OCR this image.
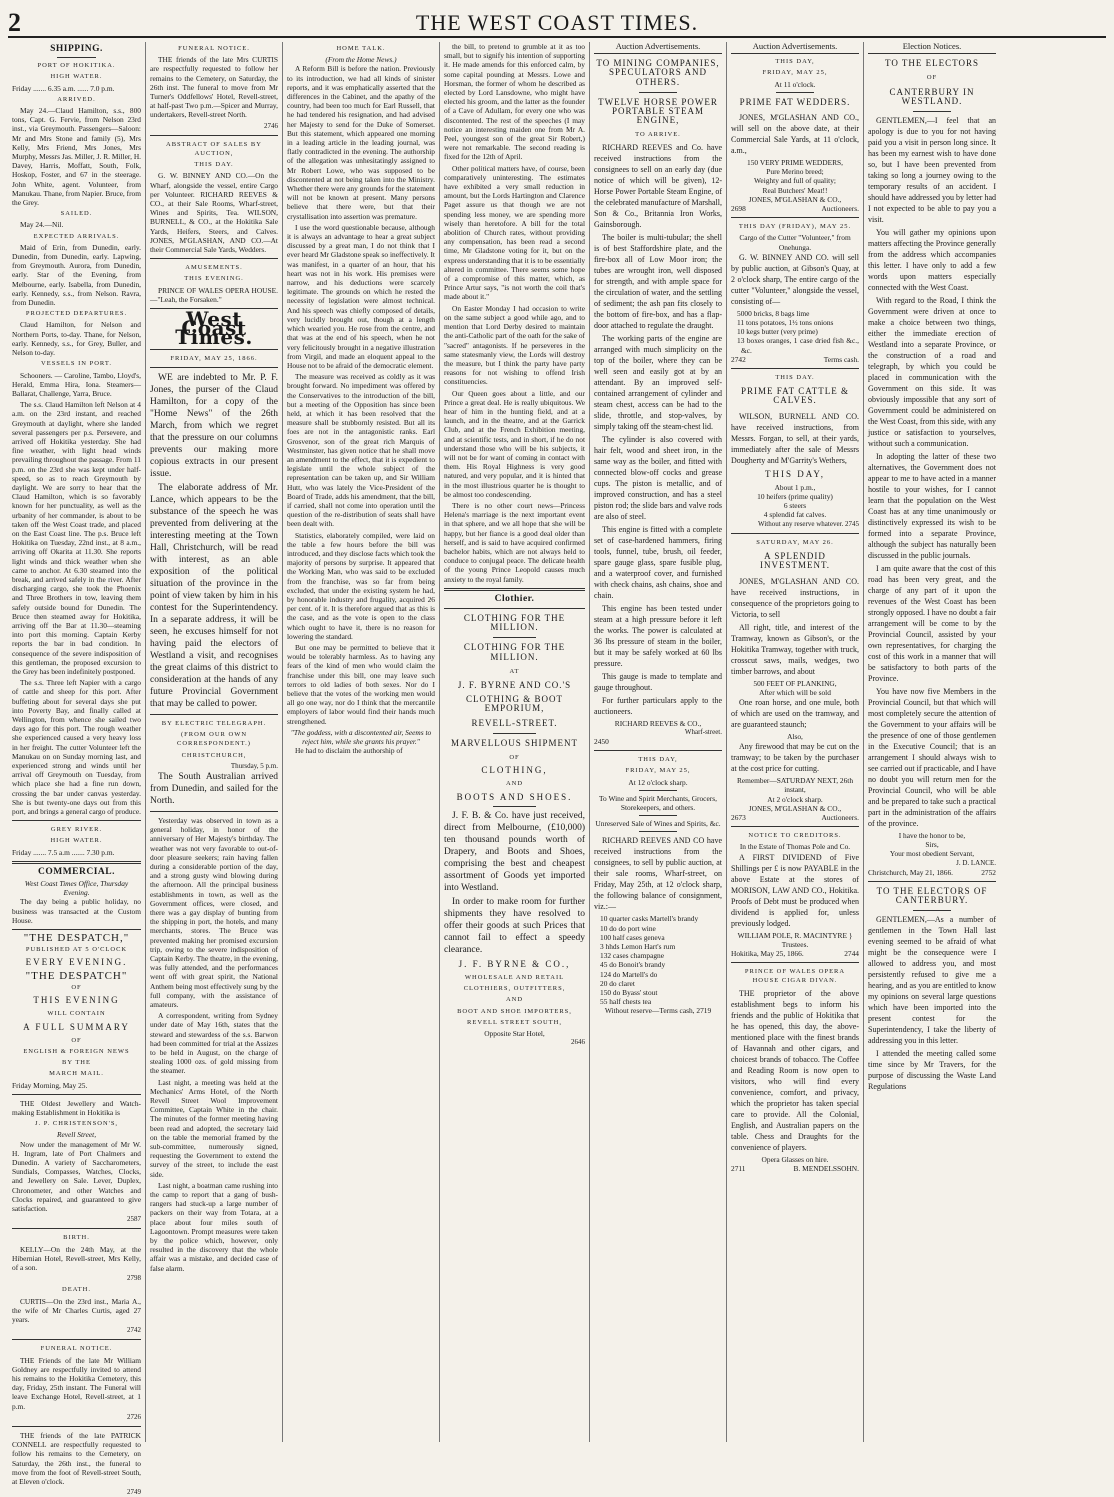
2	THE WEST COAST TIMES.
SHIPPING.
PORT OF HOKITIKA.
HIGH WATER.
Friday ....... 6.35 a.m. ...... 7.0 p.m.
ARRIVED.
May 24.—Claud Hamilton, s.s., 800 tons, Capt. G. Fervie, from Nelson 23rd inst., via Greymouth. Passengers—Saloon: Mr and Mrs Stone and family (5), Mrs Kelly, Mrs Friend, Mrs Jones, Mrs Murphy, Messrs Jas. Miller, J. R. Miller, H. Davey, Harris, Moffatt, South, Folk, Hoskop, Foster, and 67 in the steerage. John White, agent. Volunteer, from Manukau. Thane, from Napier. Bruce, from the Grey.
SAILED.
May 24.—Nil.
EXPECTED ARRIVALS.
Maid of Erin, from Dunedin, early. Dunedin, from Dunedin, early. Lapwing, from Greymouth. Aurora, from Dunedin, early. Star of the Evening, from Melbourne, early. Isabella, from Dunedin, early. Kennedy, s.s., from Nelson. Ravra, from Dunedin.
PROJECTED DEPARTURES.
Claud Hamilton, for Nelson and Northern Ports, to-day. Thane, for Nelson, early. Kennedy, s.s., for Grey, Buller, and Nelson to-day.
VESSELS IN PORT.
Schooners. — Caroline, Tambo, Lloyd's, Herald, Emma Hira, Iona. Steamers—Ballarat, Challenge, Yarra, Bruce.
The s.s. Claud Hamilton left Nelson at 4 a.m. on the 23rd instant, and reached Greymouth at daylight, where she landed several passengers per p.s. Persevere, and arrived off Hokitika yesterday. She had fine weather, with light head winds prevailing throughout the passage. From 11 p.m. on the 23rd she was kept under half-speed, so as to reach Greymouth by daylight. We are sorry to hear that the Claud Hamilton, which is so favorably known for her punctuality, as well as the urbanity of her commander, is about to be taken off the West Coast trade, and placed on the East Coast line. The p.s. Bruce left Hokitika on Tuesday, 22nd inst., at 8 a.m., arriving off Okarita at 11.30. She reports light winds and thick weather when she came to anchor. At 6.30 steamed into the break, and arrived safely in the river. After discharging cargo, she took the Phoenix and Three Brothers in tow, leaving them safely outside bound for Dunedin. The Bruce then steamed away for Hokitika, arriving off the Bar at 11.30—steaming into port this morning. Captain Kerby reports the bar in bad condition. In consequence of the severe indisposition of this gentleman, the proposed excursion to the Grey has been indefinitely postponed.
The s.s. Three left Napier with a cargo of cattle and sheep for this port. After buffeting about for several days she put into Poverty Bay, and finally called at Wellington, from whence she sailed two days ago for this port. The rough weather she experienced caused a very heavy loss in her freight. The cutter Volunteer left the Manukau on on Sunday morning last, and experienced strong and winds until her arrival off Greymouth on Tuesday, from which place she had a fine run down, crossing the bar under canvas yesterday. She is but twenty-one days out from this port, and brings a general cargo of produce.
GREY RIVER.
HIGH WATER.
Friday ....... 7.5 a.m ....... 7.30 p.m.
COMMERCIAL.
West Coast Times Office, Thursday Evening.
The day being a public holiday, no business was transacted at the Custom House.
"THE DESPATCH,"
PUBLISHED AT 5 O'CLOCK
EVERY EVENING.
"THE DESPATCH"
OF
THIS EVENING
WILL CONTAIN
A FULL SUMMARY
OF
ENGLISH & FOREIGN NEWS
BY THE
MARCH MAIL.
Friday Morning, May 25.
THE Oldest Jewellery and Watch-making Establishment in Hokitika is
J. P. CHRISTENSON'S,
Revell Street,
Now under the management of Mr W. H. Ingram, late of Port Chalmers and Dunedin. A variety of Saccharometers, Sundials, Compasses, Watches, Clocks, and Jewellery on Sale. Lever, Duplex, Chronometer, and other Watches and Clocks repaired, and guaranteed to give satisfaction.
2587
BIRTH.
KELLY—On the 24th May, at the Hibernian Hotel, Revell-street, Mrs Kelly, of a son.
2798
DEATH.
CURTIS—On the 23rd inst., Maria A., the wife of Mr Charles Curtis, aged 27 years.
2742
FUNERAL NOTICE.
THE Friends of the late Mr William Goldney are respectfully invited to attend his remains to the Hokitika Cemetery, this day, Friday, 25th instant. The Funeral will leave Exchange Hotel, Revell-street, at 1 p.m.
2726
THE friends of the late PATRICK CONNELL are respectfully requested to follow his remains to the Cemetery, on Saturday, the 26th inst., the funeral to move from the foot of Revell-street South, at Eleven o'clock.
2749
FUNERAL NOTICE.
THE friends of the late Mrs CURTIS are respectfully requested to follow her remains to the Cemetery, on Saturday, the 26th inst. The funeral to move from Mr Turner's Oddfellows' Hotel, Revell-street, at half-past Two p.m.—Spicer and Murray, undertakers, Revell-street North.
2746
ABSTRACT OF SALES BY AUCTION,
THIS DAY.
G. W. BINNEY AND CO.—On the Wharf, alongside the vessel, entire Cargo per Volunteer. RICHARD REEVES & CO., at their Sale Rooms, Wharf-street, Wines and Spirits, Tea. WILSON, BURNELL, & CO., at the Hokitika Sale Yards, Heifers, Steers, and Calves. JONES, M'GLASHAN, AND CO.—At their Commercial Sale Yards, Wedders.
AMUSEMENTS.
THIS EVENING.
PRINCE OF WALES OPERA HOUSE.—"Leah, the Forsaken."
West Coast Times.
FRIDAY, MAY 25, 1866.
WE are indebted to Mr. P. F. Jones, the purser of the Claud Hamilton, for a copy of the "Home News" of the 26th March, from which we regret that the pressure on our columns prevents our making more copious extracts in our present issue.
The elaborate address of Mr. Lance, which appears to be the substance of the speech he was prevented from delivering at the interesting meeting at the Town Hall, Christchurch, will be read with interest, as an able exposition of the political situation of the province in the point of view taken by him in his contest for the Superintendency. In a separate address, it will be seen, he excuses himself for not having paid the electors of Westland a visit, and recognises the great claims of this district to consideration at the hands of any future Provincial Government that may be called to power.
BY ELECTRIC TELEGRAPH.
(FROM OUR OWN CORRESPONDENT.)
CHRISTCHURCH,
Thursday, 5 p.m.
The South Australian arrived from Dunedin, and sailed for the North.
Yesterday was observed in town as a general holiday, in honor of the anniversary of Her Majesty's birthday. The weather was not very favorable to out-of-door pleasure seekers; rain having fallen during a considerable portion of the day, and a strong gusty wind blowing during the afternoon. All the principal business establishments in town, as well as the Government offices, were closed, and there was a gay display of bunting from the shipping in port, the hotels, and many merchants, stores. The Bruce was prevented making her promised excursion trip, owing to the severe indisposition of Captain Kerby. The theatre, in the evening, was fully attended, and the performances went off with great spirit, the National Anthem being most effectively sung by the full company, with the assistance of amateurs.
A correspondent, writing from Sydney under date of May 16th, states that the steward and stewardess of the s.s. Barwon had been committed for trial at the Assizes to be held in August, on the charge of stealing 1000 ozs. of gold missing from the steamer.
Last night, a meeting was held at the Mechanics' Arms Hotel, of the North Revell Street Wool Improvement Committee, Captain White in the chair. The minutes of the former meeting having been read and adopted, the secretary laid on the table the memorial framed by the sub-committee, numerously signed, requesting the Government to extend the survey of the street, to include the east side.
Last night, a boatman came rushing into the camp to report that a gang of bush-rangers had stuck-up a large number of packers on their way from Totara, at a place about four miles south of Lagoontown. Prompt measures were taken by the police which, however, only resulted in the discovery that the whole affair was a mistake, and decided case of false alarm.
HOME TALK.
(From the Home News.)
A Reform Bill is before the nation. Previously to its introduction, we had all kinds of sinister reports, and it was emphatically asserted that the differences in the Cabinet, and the apathy of the country, had been too much for Earl Russell, that he had tendered his resignation, and had advised her Majesty to send for the Duke of Somerset. But this statement, which appeared one morning in a leading article in the leading journal, was flatly contradicted in the evening. The authorship of the allegation was unhesitatingly assigned to Mr Robert Lowe, who was supposed to be discontented at not being taken into the Ministry. Whether there were any grounds for the statement will not be known at present. Many persons believe that there were, but that their crystallisation into assertion was premature.
I use the word questionable because, although it is always an advantage to hear a great subject discussed by a great man, I do not think that I ever heard Mr Gladstone speak so ineffectively. It was manifest, in a quarter of an hour, that his heart was not in his work. His premises were narrow, and his deductions were scarcely legitimate. The grounds on which he rested the necessity of legislation were almost technical. And his speech was chiefly composed of details, very lucidly brought out, though at a length which wearied you. He rose from the centre, and that was at the end of his speech, when he not very felicitously brought in a negative illustration from Virgil, and made an eloquent appeal to the House not to be afraid of the democratic element.
The measure was received as coldly as it was brought forward. No impediment was offered by the Conservatives to the introduction of the bill, but a meeting of the Opposition has since been held, at which it has been resolved that the measure shall be stubbornly resisted. But all its foes are not in the antagonistic ranks. Earl Grosvenor, son of the great rich Marquis of Westminster, has given notice that he shall move an amendment to the effect, that it is expedient to legislate until the whole subject of the representation can be taken up, and Sir William Hutt, who was lately the Vice-President of the Board of Trade, adds his amendment, that the bill, if carried, shall not come into operation until the question of the re-distribution of seats shall have been dealt with.
Statistics, elaborately compiled, were laid on the table a few hours before the bill was introduced, and they disclose facts which took the majority of persons by surprise. It appeared that the Working Man, who was said to be excluded from the franchise, was so far from being excluded, that under the existing system he had, by honorable industry and frugality, acquired 26 per cent. of it. It is therefore argued that as this is the case, and as the vote is open to the class which ought to have it, there is no reason for lowering the standard.
But one may be permitted to believe that it would be tolerably harmless. As to having any fears of the kind of men who would claim the franchise under this bill, one may leave such terrors to old ladies of both sexes. Nor do I believe that the votes of the working men would all go one way, nor do I think that the mercantile employers of labor would find their hands much strengthened.
"The goddess, with a discontented air, Seems to reject him, while she grants his prayer."
He had to disclaim the authorship of
the bill, to pretend to grumble at it as too small, but to signify his intention of supporting it. He made amends for this enforced calm, by some capital pounding at Messrs. Lowe and Horsman, the former of whom he described as elected by Lord Lansdowne, who might have elected his groom, and the latter as the founder of a Cave of Adullam, for every one who was discontented. The rest of the speeches (I may notice an interesting maiden one from Mr A. Peel, youngest son of the great Sir Robert,) were not remarkable. The second reading is fixed for the 12th of April.
Other political matters have, of course, been comparatively uninteresting. The estimates have exhibited a very small reduction in amount, but the Lords Hartington and Clarence Paget assure us that though we are not spending less money, we are spending more wisely than heretofore. A bill for the total abolition of Church rates, without providing any compensation, has been read a second time, Mr Gladstone voting for it, but on the express understanding that it is to be essentially altered in committee. There seems some hope of a compromise of this matter, which, as Prince Artur says, "is not worth the coil that's made about it."
On Easter Monday I had occasion to write on the same subject a good while ago, and to mention that Lord Derby desired to maintain the anti-Catholic part of the oath for the sake of "sacred" antagonists. If he perseveres in the same statesmanly view, the Lords will destroy the measure, but I think the party have party reasons for not wishing to offend Irish constituencies.
Our Queen goes about a little, and our Prince a great deal. He is really ubiquitous. We hear of him in the hunting field, and at a launch, and in the theatre, and at the Garrick Club, and at the French Exhibition meeting, and at scientific tests, and in short, if he do not understand those who will be his subjects, it will not be for want of coming in contact with them. His Royal Highness is very good natured, and very popular, and it is hinted that in the most illustrious quarter he is thought to be almost too condescending.
There is no other court news—Princess Helena's marriage is the next important event in that sphere, and we all hope that she will be happy, but her fiance is a good deal older than herself, and is said to have acquired confirmed bachelor habits, which are not always held to conduce to conjugal peace. The delicate health of the young Prince Leopold causes much anxiety to the royal family.
Clothier.
CLOTHING FOR THE MILLION.
CLOTHING FOR THE MILLION.
AT
J. F. BYRNE AND CO.'S
CLOTHING & BOOT EMPORIUM,
REVELL-STREET.
MARVELLOUS SHIPMENT
OF
CLOTHING,
AND
BOOTS AND SHOES.
J. F. B. & Co. have just received, direct from Melbourne, (£10,000) ten thousand pounds worth of Drapery, and Boots and Shoes, comprising the best and cheapest assortment of Goods yet imported into Westland.
In order to make room for further shipments they have resolved to offer their goods at such Prices that cannot fail to effect a speedy clearance.
J. F. BYRNE & CO.,
WHOLESALE AND RETAIL
CLOTHIERS, OUTFITTERS,
AND
BOOT AND SHOE IMPORTERS,
REVELL STREET SOUTH,
Opposite Star Hotel,
2646
Auction Advertisements.
TO MINING COMPANIES, SPECULATORS AND OTHERS.
TWELVE HORSE POWER PORTABLE STEAM ENGINE,
TO ARRIVE.
RICHARD REEVES and Co. have received instructions from the consignees to sell on an early day (due notice of which will be given), 12-Horse Power Portable Steam Engine, of the celebrated manufacture of Marshall, Son & Co., Britannia Iron Works, Gainsborough.
The boiler is multi-tubular; the shell is of best Staffordshire plate, and the fire-box all of Low Moor iron; the tubes are wrought iron, well disposed for strength, and with ample space for the circulation of water, and the settling of sediment; the ash pan fits closely to the bottom of fire-box, and has a flap-door attached to regulate the draught.
The working parts of the engine are arranged with much simplicity on the top of the boiler, where they can be well seen and easily got at by an attendant. By an improved self-contained arrangement of cylinder and steam chest, access can be had to the slide, throttle, and stop-valves, by simply taking off the steam-chest lid.
The cylinder is also covered with hair felt, wood and sheet iron, in the same way as the boiler, and fitted with connected blow-off cocks and grease cups. The piston is metallic, and of improved construction, and has a steel piston rod; the slide bars and valve rods are also of steel.
This engine is fitted with a complete set of case-hardened hammers, firing tools, funnel, tube, brush, oil feeder, spare gauge glass, spare fusible plug, and a waterproof cover, and furnished with check chains, ash chains, shoe and chain.
This engine has been tested under steam at a high pressure before it left the works. The power is calculated at 36 lbs pressure of steam in the boiler, but it may be safely worked at 60 lbs pressure.
This gauge is made to template and gauge throughout.
For further particulars apply to the auctioneers.
RICHARD REEVES & CO.,
Wharf-street.
2450
THIS DAY,
FRIDAY, MAY 25,
At 12 o'clock sharp.
To Wine and Spirit Merchants, Grocers, Storekeepers, and others.
Unreserved Sale of Wines and Spirits, &c.
RICHARD REEVES AND CO have received instructions from the consignees, to sell by public auction, at their sale rooms, Wharf-street, on Friday, May 25th, at 12 o'clock sharp, the following balance of consignment, viz.:—
10 quarter casks Martell's brandy
10 do do port wine
100 half cases geneva
3 hhds Lemon Hart's rum
132 cases champagne
45 do Bonoit's brandy
124 do Martell's do
20 do claret
150 do Byass' stout
55 half chests tea
Without reserve—Terms cash, 2719
Auction Advertisements.
THIS DAY,
FRIDAY, MAY 25,
At 11 o'clock.
PRIME FAT WEDDERS.
JONES, M'GLASHAN AND CO., will sell on the above date, at their Commercial Sale Yards, at 11 o'clock, a.m.,
150 VERY PRIME WEDDERS,
Pure Merino breed;
Weighty and full of quality;
Real Butchers' Meat!!
JONES, M'GLASHAN & CO.,
2698	Auctioneers.
THIS DAY (FRIDAY), MAY 25.
Cargo of the Cutter "Volunteer," from Onehunga.
G. W. BINNEY AND CO. will sell by public auction, at Gibson's Quay, at 2 o'clock sharp, The entire cargo of the cutter "Volunteer," alongside the vessel, consisting of—
5000 bricks, 8 bags lime
11 tons potatoes, 1½ tons onions
10 kegs butter (very prime)
13 boxes oranges, 1 case dried fish &c., &c.
2742	Terms cash.
THIS DAY.
PRIME FAT CATTLE & CALVES.
WILSON, BURNELL AND CO. have received instructions, from Messrs. Forgan, to sell, at their yards, immediately after the sale of Messrs Dougherty and M'Garrity's Wethers,
THIS DAY,
About 1 p.m.,
10 heifers (prime quality)
6 steers
4 splendid fat calves.
Without any reserve whatever. 2745
SATURDAY, MAY 26.
A SPLENDID INVESTMENT.
JONES, M'GLASHAN AND CO. have received instructions, in consequence of the proprietors going to Victoria, to sell
All right, title, and interest of the Tramway, known as Gibson's, or the Hokitika Tramway, together with truck, crosscut saws, mails, wedges, two timber barrows, and about
500 FEET OF PLANKING,
After which will be sold
One roan horse, and one mule, both of which are used on the tramway, and are guaranteed staunch;
Also,
Any firewood that may be cut on the tramway; to be taken by the purchaser at the cost price for cutting.
Remember—SATURDAY NEXT, 26th instant,
At 2 o'clock sharp.
JONES, M'GLASHAN & CO.,
2673	Auctioneers.
NOTICE TO CREDITORS.
In the Estate of Thomas Pole and Co.
A FIRST DIVIDEND of Five Shillings per £ is now PAYABLE in the above Estate at the stores of MORISON, LAW AND CO., Hokitika. Proofs of Debt must be produced when dividend is applied for, unless previously lodged.
WILLIAM POLE, R. MACINTYRE } Trustees.
Hokitika, May 25, 1866.	2744
PRINCE OF WALES OPERA HOUSE CIGAR DIVAN.
THE proprietor of the above establishment begs to inform his friends and the public of Hokitika that he has opened, this day, the above-mentioned place with the finest brands of Havannah and other cigars, and choicest brands of tobacco. The Coffee and Reading Room is now open to visitors, who will find every convenience, comfort, and privacy, which the proprietor has taken special care to provide. All the Colonial, English, and Australian papers on the table. Chess and Draughts for the convenience of players.
Opera Glasses on hire.
2711	B. MENDELSSOHN.
Election Notices.
TO THE ELECTORS
OF
CANTERBURY IN WESTLAND.
GENTLEMEN,—I feel that an apology is due to you for not having paid you a visit in person long since. It has been my earnest wish to have done so, but I have been prevented from taking so long a journey owing to the temporary results of an accident. I should have addressed you by letter had I not expected to be able to pay you a visit.
You will gather my opinions upon matters affecting the Province generally from the address which accompanies this letter. I have only to add a few words upon matters especially connected with the West Coast.
With regard to the Road, I think the Government were driven at once to make a choice between two things, either the immediate erection of Westland into a separate Province, or the construction of a road and telegraph, by which you could be placed in communication with the Government on this side. It was obviously impossible that any sort of Government could be administered on the West Coast, from this side, with any justice or satisfaction to yourselves, without such a communication.
In adopting the latter of these two alternatives, the Government does not appear to me to have acted in a manner hostile to your wishes, for I cannot learn that the population on the West Coast has at any time unanimously or distinctively expressed its wish to be formed into a separate Province, although the subject has naturally been discussed in the public journals.
I am quite aware that the cost of this road has been very great, and the charge of any part of it upon the revenues of the West Coast has been strongly opposed. I have no doubt a fair arrangement will be come to by the Provincial Council, assisted by your own representatives, for charging the cost of this work in a manner that will be satisfactory to both parts of the Province.
You have now five Members in the Provincial Council, but that which will most completely secure the attention of the Government to your affairs will be the presence of one of those gentlemen in the Executive Council; that is an arrangement I should always wish to see carried out if practicable, and I have no doubt you will return men for the Provincial Council, who will be able and be prepared to take such a practical part in the administration of the affairs of the province.
I have the honor to be,
Sirs,
Your most obedient Servant,
J. D. LANCE.
Christchurch, May 21, 1866.	2752
TO THE ELECTORS OF CANTERBURY.
GENTLEMEN,—As a number of gentlemen in the Town Hall last evening seemed to be afraid of what might be the consequence were I allowed to address you, and most persistently refused to give me a hearing, and as you are entitled to know my opinions on several large questions which have been imported into the present contest for the Superintendency, I take the liberty of addressing you in this letter.
I attended the meeting called some time since by Mr Travers, for the purpose of discussing the Waste Land Regulations
